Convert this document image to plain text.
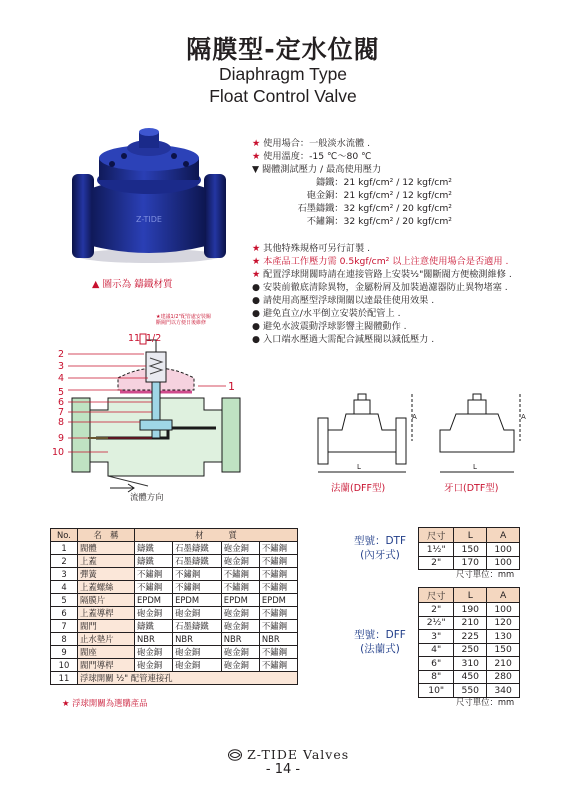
隔膜型-定水位閥
Diaphragm Type
Float Control Valve
Z-TIDE
▲ 圖示為 鑄鐵材質
★ 使用場合：一般淡水流體 .
★ 使用溫度：-15 ℃～80 ℃
▼ 閥體測試壓力 / 最高使用壓力
鑄鐵：21 kgf/cm² / 12 kgf/cm²
砲金銅：21 kgf/cm² / 12 kgf/cm²
石墨鑄鐵：32 kgf/cm² / 20 kgf/cm²
不鏽鋼：32 kgf/cm² / 20 kgf/cm²
★ 其他特殊規格可另行訂製 .
★ 本產品工作壓力需 0.5kgf/cm² 以上注意使用場合是否適用 .
★ 配置浮球開關時請在連接管路上安裝½"關斷閥方便檢測維修 .
● 安裝前徹底清除異物，金屬粉屑及加裝過濾器防止異物堵塞 .
● 請使用高壓型浮球開關以達最佳使用效果 .
● 避免直立/水平倒立安裝於配管上 .
● 避免水波震動浮球影響主閥體動作 .
● 入口端水壓過大需配合減壓閥以減低壓力 .
★建議1/2"配管處安裝關
斷閥門以方便日後維修
11 1/2
1
2
3
4
5
6
7
8
9
10
流體方向
L
A
L
A
法蘭(DFF型)	牙口(DTF型)
No.	名　稱	材　　　質			
1	閥體	鑄鐵	石墨鑄鐵	砲金銅	不鏽鋼
2	上蓋	鑄鐵	石墨鑄鐵	砲金銅	不鏽鋼
3	彈簧	不鏽鋼	不鏽鋼	不鏽鋼	不鏽鋼
4	上蓋螺絲	不鏽鋼	不鏽鋼	不鏽鋼	不鏽鋼
5	隔膜片	EPDM	EPDM	EPDM	EPDM
6	上蓋導桿	砲金銅	砲金銅	砲金銅	不鏽鋼
7	閥門	鑄鐵	石墨鑄鐵	砲金銅	不鏽鋼
8	止水墊片	NBR	NBR	NBR	NBR
9	閥座	砲金銅	砲金銅	砲金銅	不鏽鋼
10	閥門導桿	砲金銅	砲金銅	砲金銅	不鏽鋼
11	浮球開關 ½" 配管連接孔				
★ 浮球開關為選購產品
型號：DTF
(內牙式)
尺寸	L	A
1½"	150	100
2"	170	100
尺寸單位：mm
型號：DFF
(法蘭式)
尺寸	L	A
2"	190	100
2½"	210	120
3"	225	130
4"	250	150
6"	310	210
8"	450	280
10"	550	340
尺寸單位：mm
Z-TIDE Valves
- 14 -
